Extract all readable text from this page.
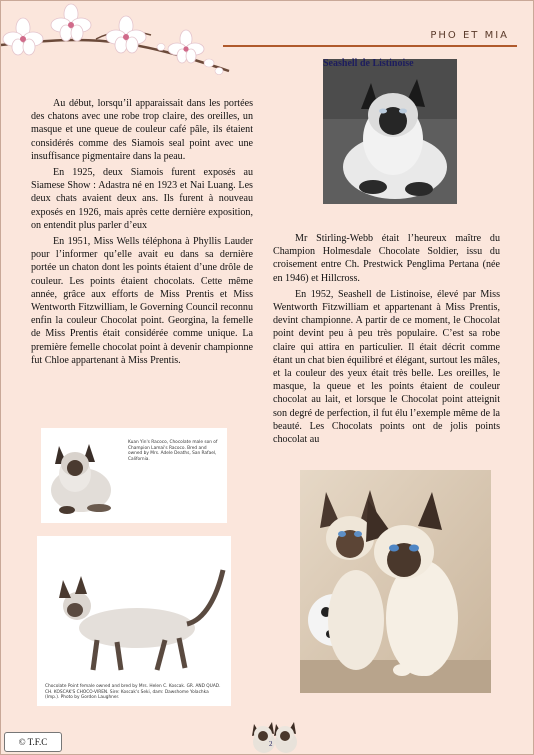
PHO ET MIA

Au début, lorsqu’il apparaissait dans les portées des chatons avec une robe trop claire, des oreilles, un masque et une queue de couleur café pâle, ils étaient considérés comme des Siamois seal point avec une insuffisance pigmentaire dans la peau.

En 1925, deux Siamois furent exposés au Siamese Show : Adastra né en 1923 et Nai Luang. Les deux chats avaient deux ans. Ils furent à nouveau exposés en 1926, mais après cette dernière exposition, on entendit plus parler d’eux

En 1951, Miss Wells téléphona à Phyllis Lauder pour l’informer qu’elle avait eu dans sa dernière portée un chaton dont les points étaient d’une drôle de couleur. Les points étaient chocolats. Cette même année, grâce aux efforts de Miss Prentis et Miss Wentworth Fitzwilliam, le Governing Council reconnu enfin la couleur Chocolat point. Georgina, la femelle de Miss Prentis était considérée comme unique. La première femelle chocolat point à devenir championne fut Chloe appartenant à Miss Prentis.

Seashell de Listinoise

Mr Stirling-Webb était l’heureux maître du Champion Holmesdale Chocolate Soldier, issu du croisement entre Ch. Prestwick Penglima Pertana (née en 1946) et Hillcross.

En 1952, Seashell de Listinoise, élevé par Miss Wentworth Fitzwilliam et appartenant à Miss Prentis, devint championne. A partir de ce moment, le Chocolat point devint peu à peu très populaire. C’est sa robe claire qui attira en particulier. Il était décrit comme étant un chat bien équilibré et élégant, surtout les mâles, et la couleur des yeux était très belle. Les oreilles, le masque, la queue et les points étaient de couleur chocolat au lait, et lorsque le Chocolat point atteignit son degré de perfection, il fut élu l’exemple même de la beauté. Les Chocolats points ont de jolis points chocolat au

Kuan Yin's Racoco, Chocolate male son of Champion Lamai's Racoco. Bred and owned by Mrs. Adele Deaths, San Rafael, California.
Chocolate Point female owned and bred by Mrs. Helen C. Koscak. GR. AND QUAD. CH. KOSCAK'S CHOCO-VIREN. Sire: Koscak's Seki, dam: Dawshome Yolachka (Imp.). Photo by Gordon Laughner.
© T.F.C	2
